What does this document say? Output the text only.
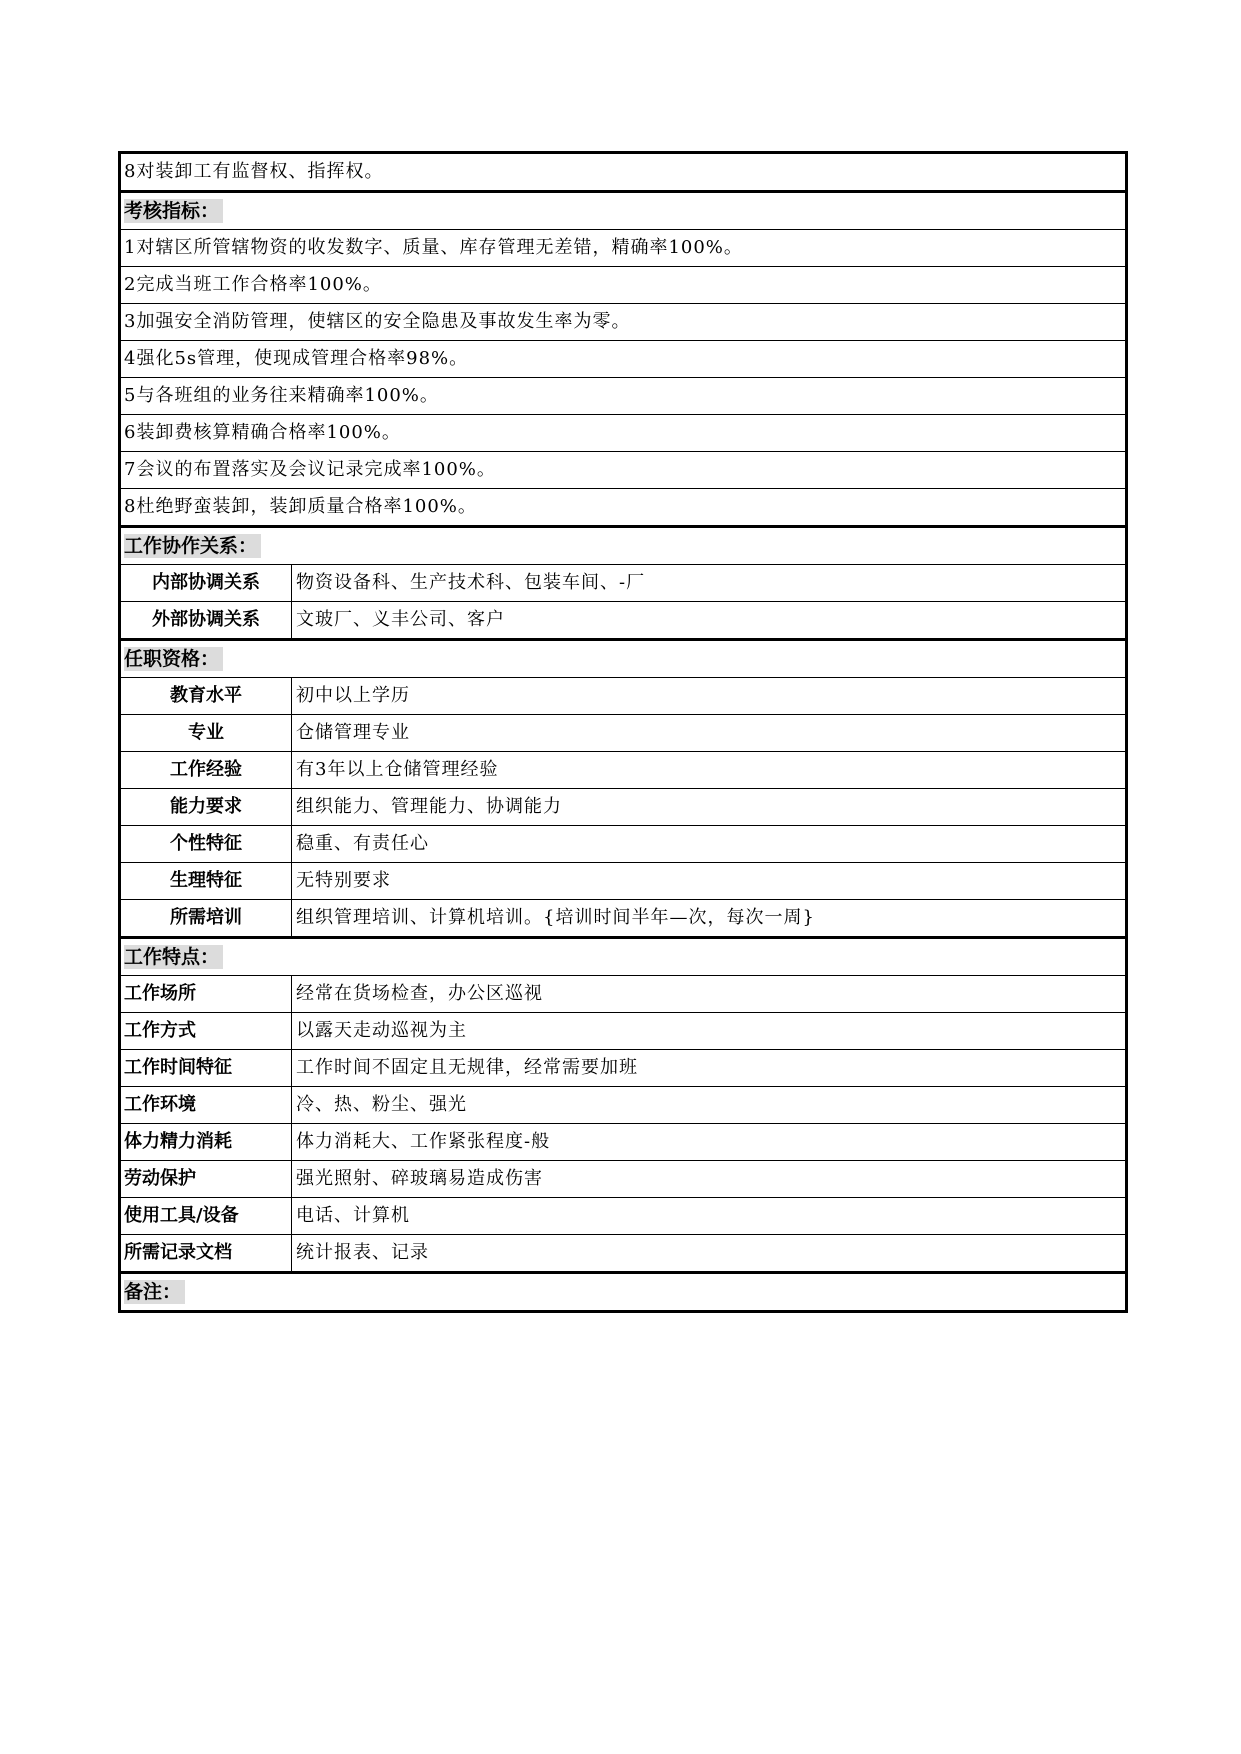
8对装卸工有监督权、指挥权。	
考核指标：	
1对辖区所管辖物资的收发数字、质量、库存管理无差错，精确率100%。	
2完成当班工作合格率100%。	
3加强安全消防管理，使辖区的安全隐患及事故发生率为零。	
4强化5s管理，使现成管理合格率98%。	
5与各班组的业务往来精确率100%。	
6装卸费核算精确合格率100%。	
7会议的布置落实及会议记录完成率100%。	
8杜绝野蛮装卸，装卸质量合格率100%。	
工作协作关系：	
内部协调关系	物资设备科、生产技术科、包装车间、-厂
外部协调关系	文玻厂、义丰公司、客户
任职资格：	
教育水平	初中以上学历
专业	仓储管理专业
工作经验	有3年以上仓储管理经验
能力要求	组织能力、管理能力、协调能力
个性特征	稳重、有责任心
生理特征	无特别要求
所需培训	组织管理培训、计算机培训。{培训时间半年—次，每次一周}
工作特点：	
工作场所	经常在货场检查，办公区巡视
工作方式	以露天走动巡视为主
工作时间特征	工作时间不固定且无规律，经常需要加班
工作环境	冷、热、粉尘、强光
体力精力消耗	体力消耗大、工作紧张程度-般
劳动保护	强光照射、碎玻璃易造成伤害
使用工具/设备	电话、计算机
所需记录文档	统计报表、记录
备注：	
